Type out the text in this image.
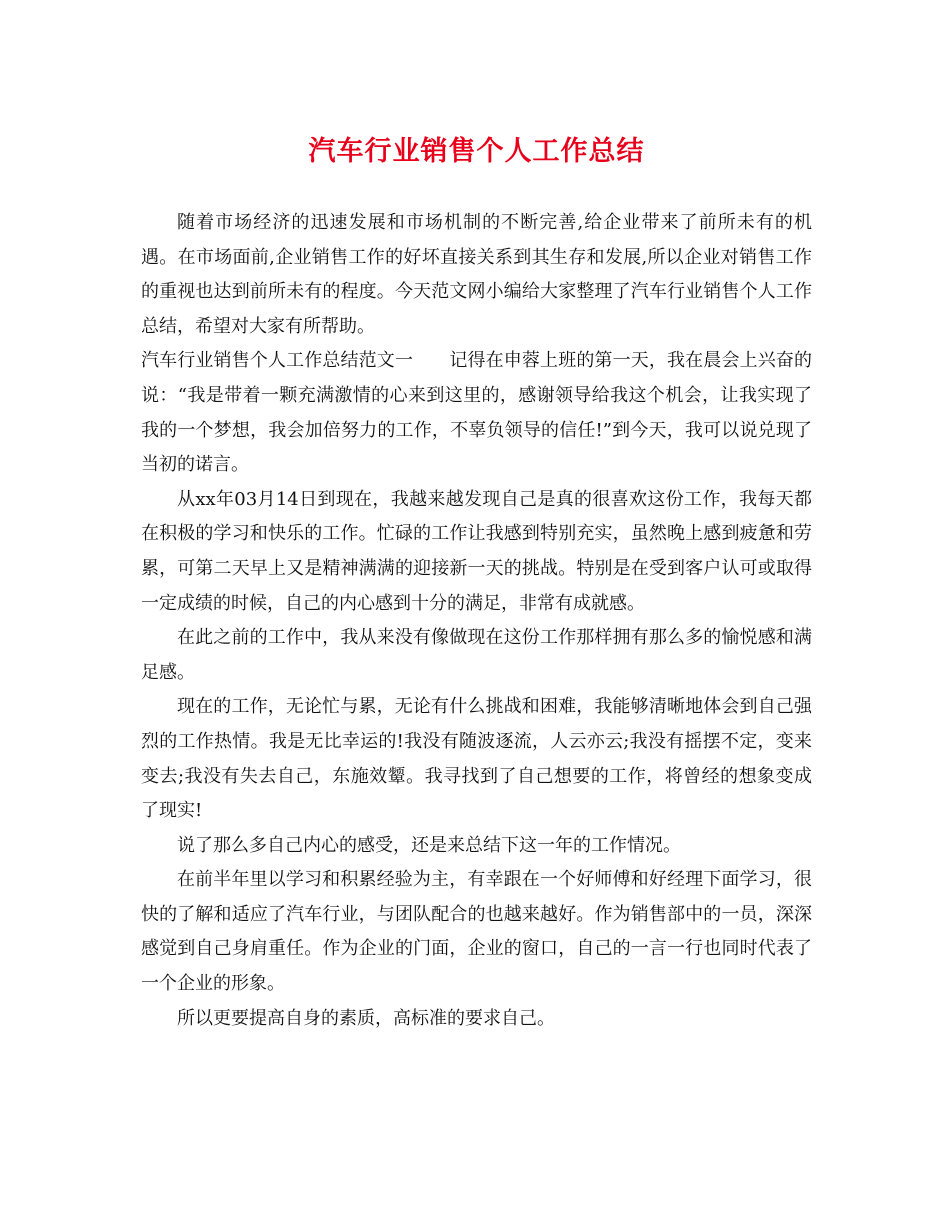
汽车行业销售个人工作总结

随着市场经济的迅速发展和市场机制的不断完善,给企业带来了前所未有的机遇。在市场面前,企业销售工作的好坏直接关系到其生存和发展,所以企业对销售工作的重视也达到前所未有的程度。今天范文网小编给大家整理了汽车行业销售个人工作总结，希望对大家有所帮助。

汽车行业销售个人工作总结范文一　　记得在申蓉上班的第一天，我在晨会上兴奋的说：“我是带着一颗充满激情的心来到这里的，感谢领导给我这个机会，让我实现了我的一个梦想，我会加倍努力的工作，不辜负领导的信任!”到今天，我可以说兑现了当初的诺言。

从xx年03月14日到现在，我越来越发现自己是真的很喜欢这份工作，我每天都在积极的学习和快乐的工作。忙碌的工作让我感到特别充实，虽然晚上感到疲惫和劳累，可第二天早上又是精神满满的迎接新一天的挑战。特别是在受到客户认可或取得一定成绩的时候，自己的内心感到十分的满足，非常有成就感。

在此之前的工作中，我从来没有像做现在这份工作那样拥有那么多的愉悦感和满足感。

现在的工作，无论忙与累，无论有什么挑战和困难，我能够清晰地体会到自己强烈的工作热情。我是无比幸运的!我没有随波逐流，人云亦云;我没有摇摆不定，变来变去;我没有失去自己，东施效颦。我寻找到了自己想要的工作，将曾经的想象变成了现实!

说了那么多自己内心的感受，还是来总结下这一年的工作情况。

在前半年里以学习和积累经验为主，有幸跟在一个好师傅和好经理下面学习，很快的了解和适应了汽车行业，与团队配合的也越来越好。作为销售部中的一员，深深感觉到自己身肩重任。作为企业的门面，企业的窗口，自己的一言一行也同时代表了一个企业的形象。

所以更要提高自身的素质，高标准的要求自己。
